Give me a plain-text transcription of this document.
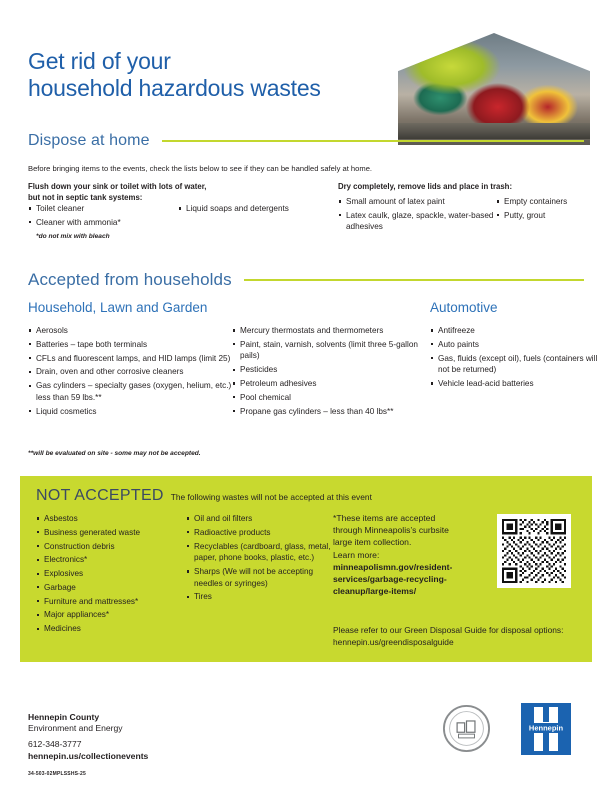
Get rid of your
household hazardous wastes
Dispose at home
Before bringing items to the events, check the lists below to see if they can be handled safely at home.
Flush down your sink or toilet with lots of water,
but not in septic tank systems:
Toilet cleaner
Cleaner with ammonia*
Liquid soaps and detergents
*do not mix with bleach
Dry completely, remove lids and place in trash:
Small amount of latex paint
Latex caulk, glaze, spackle, water-based adhesives
Empty containers
Putty, grout
Accepted from households
Household, Lawn and Garden	Automotive
Aerosols
Batteries – tape both terminals
CFLs and fluorescent lamps, and HID lamps (limit 25)
Drain, oven and other corrosive cleaners
Gas cylinders – specialty gases (oxygen, helium, etc.) less than 59 lbs.**
Liquid cosmetics
Mercury thermostats and thermometers
Paint, stain, varnish, solvents (limit three 5-gallon pails)
Pesticides
Petroleum adhesives
Pool chemical
Propane gas cylinders – less than 40 lbs**
**will be evaluated on site - some may not be accepted.
Antifreeze
Auto paints
Gas, fluids (except oil), fuels (containers will not be returned)
Vehicle lead-acid batteries
NOT ACCEPTED The following wastes will not be accepted at this event
Asbestos
Business generated waste
Construction debris
Electronics*
Explosives
Garbage
Furniture and mattresses*
Major appliances*
Medicines
Oil and oil filters
Radioactive products
Recyclables (cardboard, glass, metal, paper, phone books, plastic, etc.)
Sharps (We will not be accepting needles or syringes)
Tires

*These items are accepted

through Minneapolis’s curbsite

large item collection.

Learn more:

minneapolismn.gov/resident-services/garbage-recycling-cleanup/large-items/

Please refer to our Green Disposal Guide for disposal options:

hennepin.us/greendisposalguide

Hennepin County
Environment and Energy
612-348-3777
hennepin.us/collectionevents
34-503-02MPLSSHS-25
Hennepin
